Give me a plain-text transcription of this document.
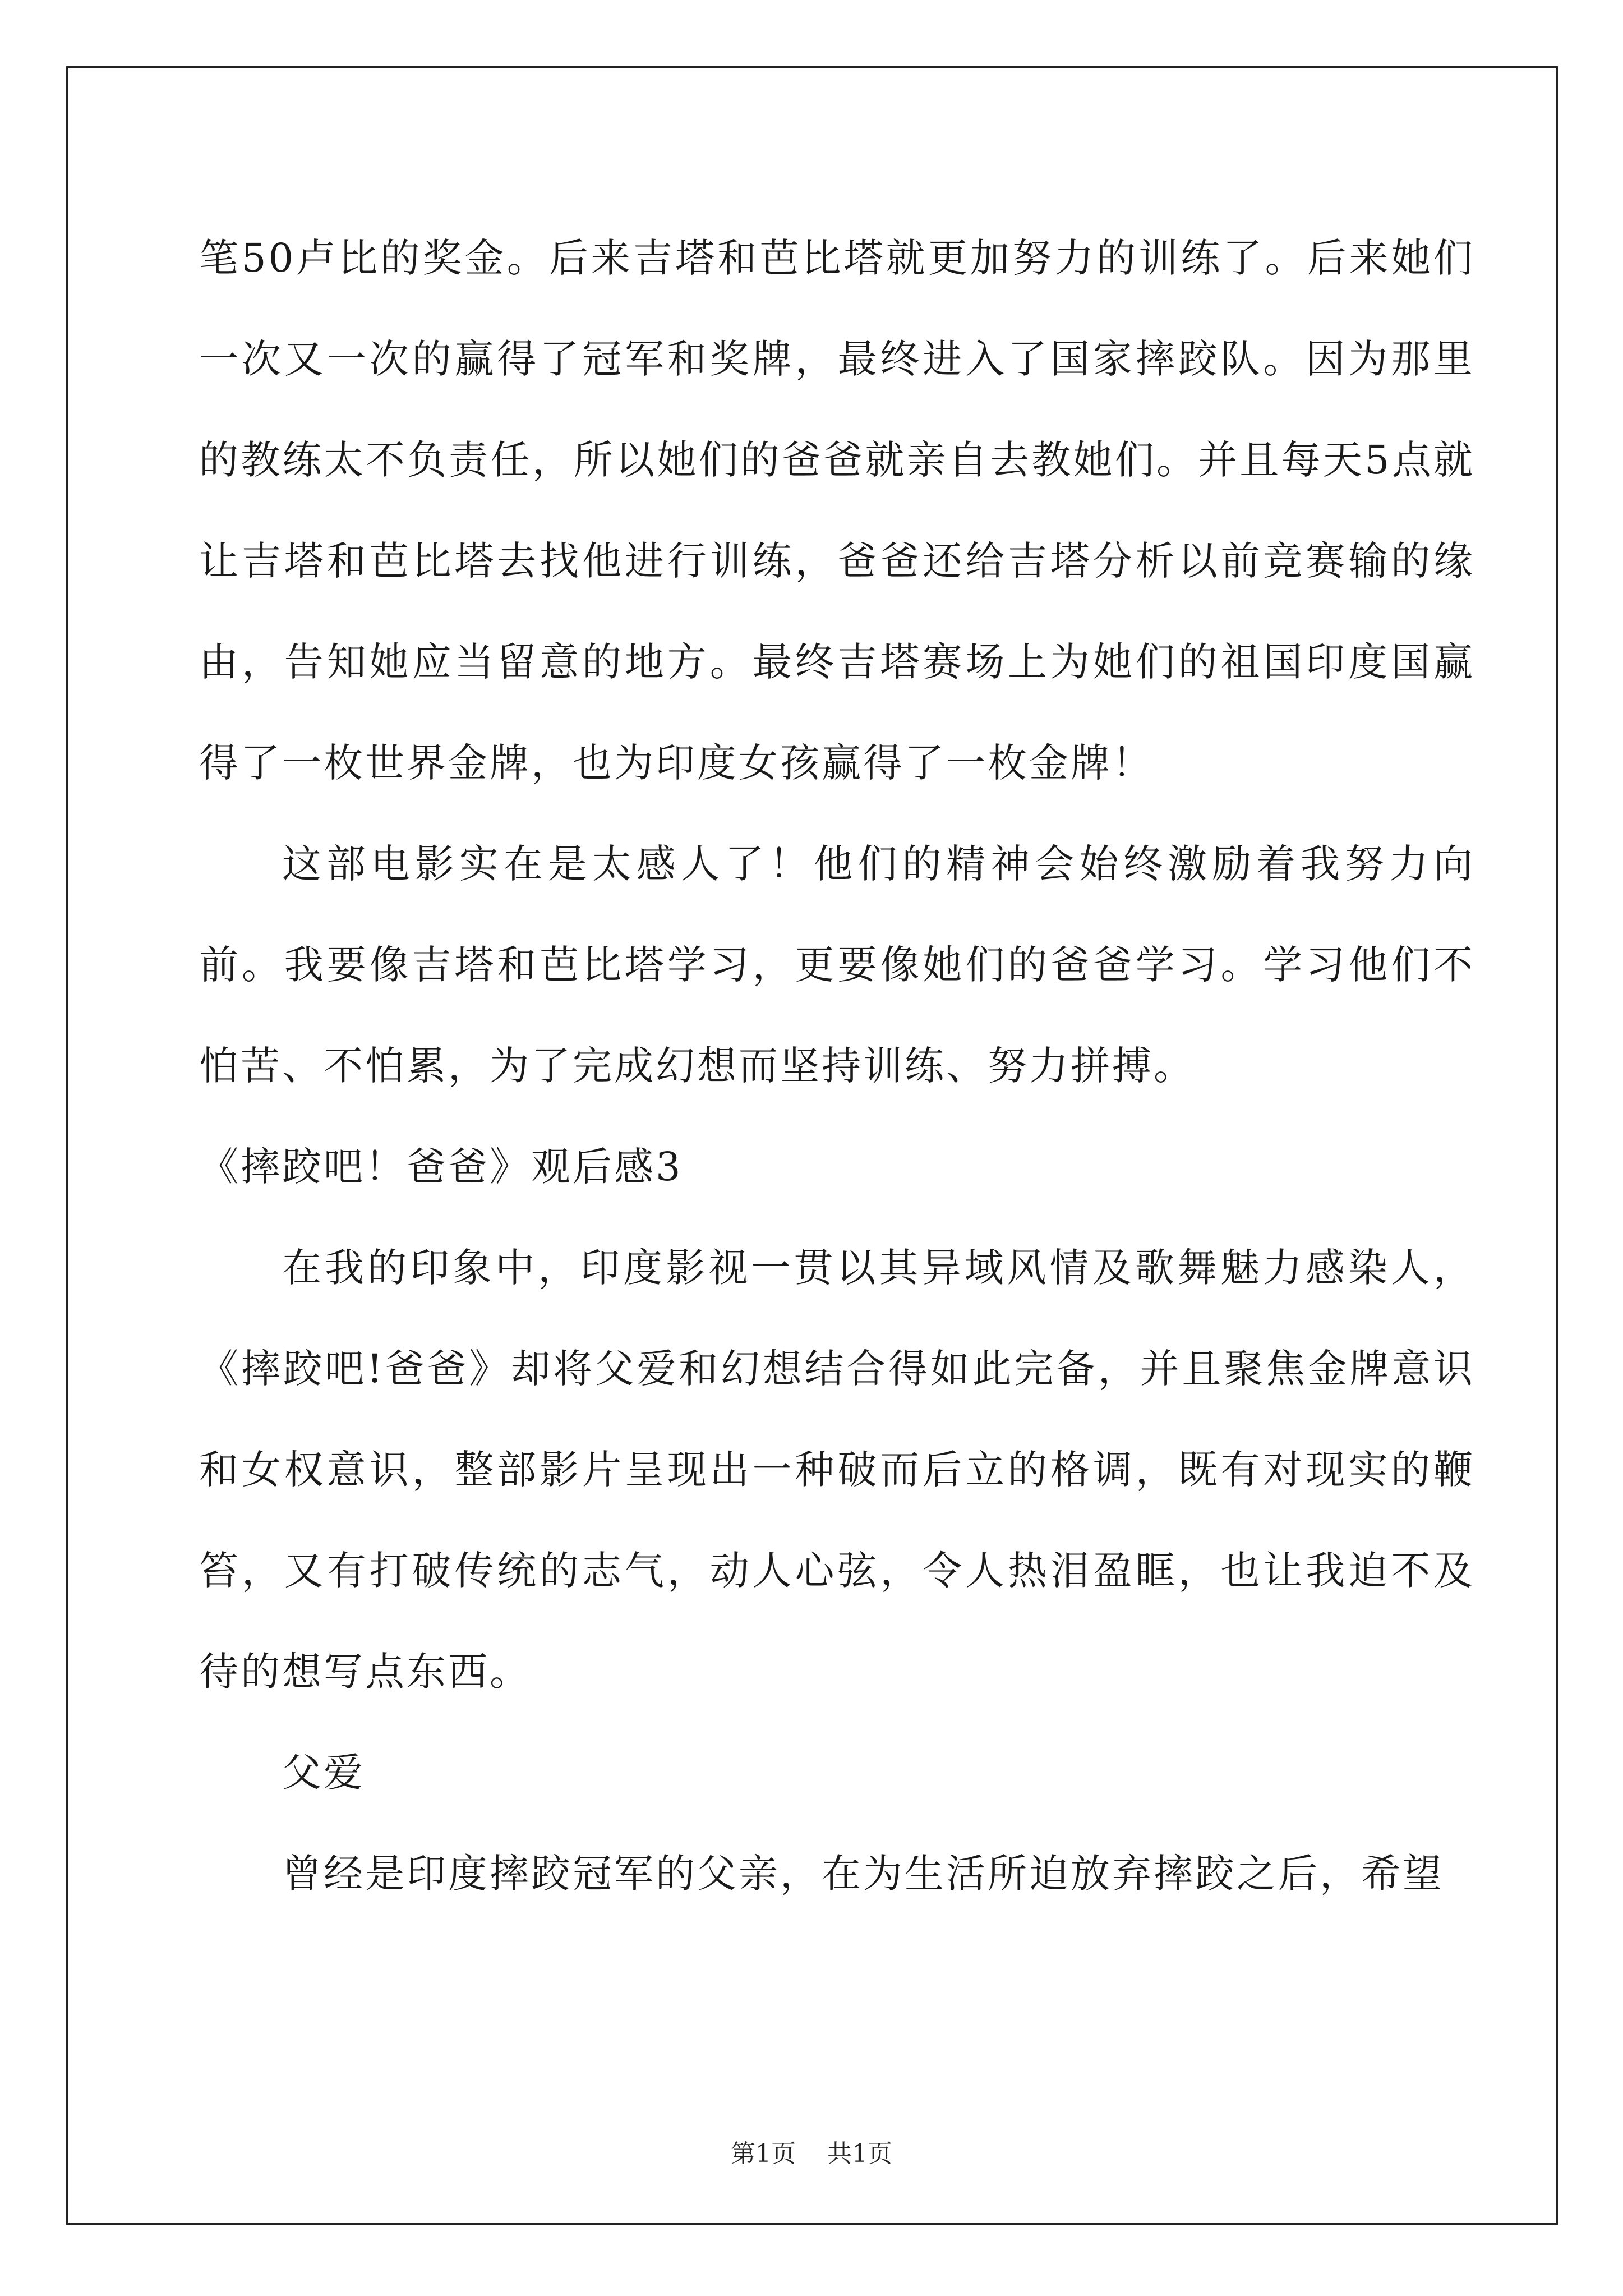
笔50卢比的奖金。后来吉塔和芭比塔就更加努力的训练了。后来她们一次又一次的赢得了冠军和奖牌，最终进入了国家摔跤队。因为那里的教练太不负责任，所以她们的爸爸就亲自去教她们。并且每天5点就让吉塔和芭比塔去找他进行训练，爸爸还给吉塔分析以前竞赛输的缘由，告知她应当留意的地方。最终吉塔赛场上为她们的祖国印度国赢得了一枚世界金牌，也为印度女孩赢得了一枚金牌！

这部电影实在是太感人了！他们的精神会始终激励着我努力向前。我要像吉塔和芭比塔学习，更要像她们的爸爸学习。学习他们不怕苦、不怕累，为了完成幻想而坚持训练、努力拼搏。

《摔跤吧！爸爸》观后感3

在我的印象中，印度影视一贯以其异域风情及歌舞魅力感染人，《摔跤吧!爸爸》却将父爱和幻想结合得如此完备，并且聚焦金牌意识和女权意识，整部影片呈现出一种破而后立的格调，既有对现实的鞭笞，又有打破传统的志气，动人心弦，令人热泪盈眶，也让我迫不及待的想写点东西。

父爱

曾经是印度摔跤冠军的父亲，在为生活所迫放弃摔跤之后，希望

第1页 共1页
